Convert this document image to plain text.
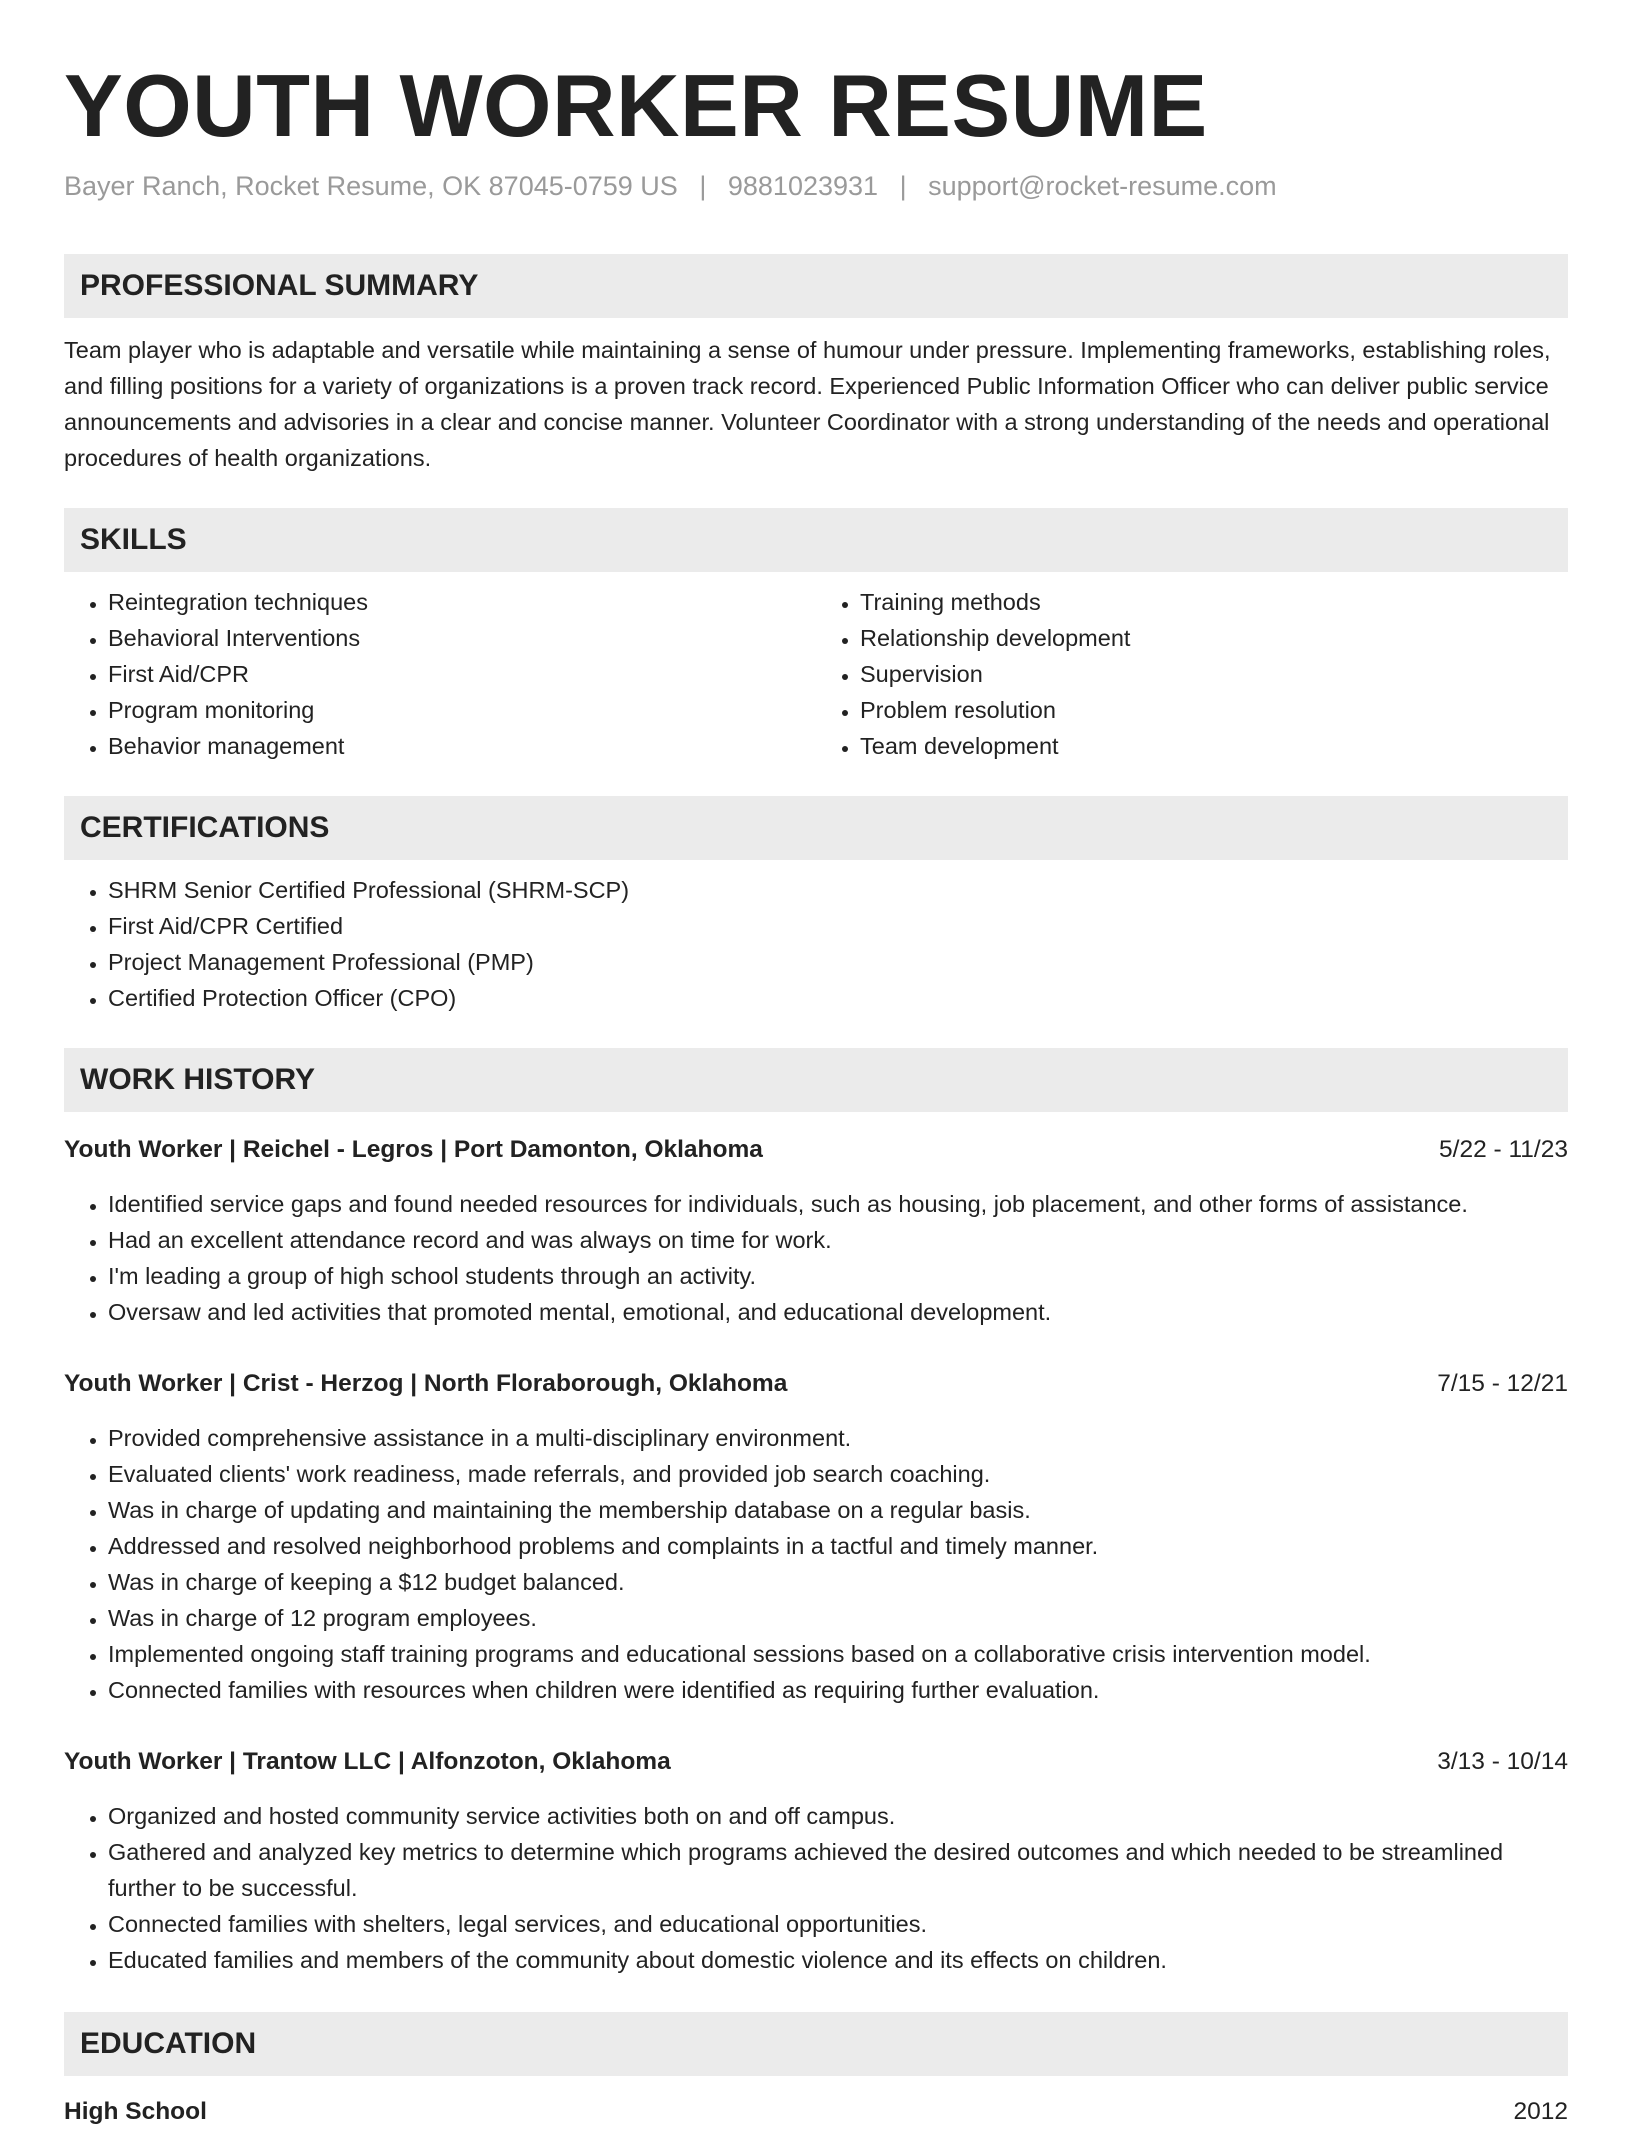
YOUTH WORKER RESUME
Bayer Ranch, Rocket Resume, OK 87045-0759 US | 9881023931 | support@rocket-resume.com
PROFESSIONAL SUMMARY

Team player who is adaptable and versatile while maintaining a sense of humour under pressure. Implementing frameworks, establishing roles, and filling positions for a variety of organizations is a proven track record. Experienced Public Information Officer who can deliver public service announcements and advisories in a clear and concise manner. Volunteer Coordinator with a strong understanding of the needs and operational procedures of health organizations.

SKILLS
• Reintegration techniques
• Behavioral Interventions
• First Aid/CPR
• Program monitoring
• Behavior management
• Training methods
• Relationship development
• Supervision
• Problem resolution
• Team development
CERTIFICATIONS
• SHRM Senior Certified Professional (SHRM-SCP)
• First Aid/CPR Certified
• Project Management Professional (PMP)
• Certified Protection Officer (CPO)
WORK HISTORY
Youth Worker | Reichel - Legros | Port Damonton, Oklahoma	5/22 - 11/23
• Identified service gaps and found needed resources for individuals, such as housing, job placement, and other forms of assistance.
• Had an excellent attendance record and was always on time for work.
• I'm leading a group of high school students through an activity.
• Oversaw and led activities that promoted mental, emotional, and educational development.
Youth Worker | Crist - Herzog | North Floraborough, Oklahoma	7/15 - 12/21
• Provided comprehensive assistance in a multi-disciplinary environment.
• Evaluated clients' work readiness, made referrals, and provided job search coaching.
• Was in charge of updating and maintaining the membership database on a regular basis.
• Addressed and resolved neighborhood problems and complaints in a tactful and timely manner.
• Was in charge of keeping a $12 budget balanced.
• Was in charge of 12 program employees.
• Implemented ongoing staff training programs and educational sessions based on a collaborative crisis intervention model.
• Connected families with resources when children were identified as requiring further evaluation.
Youth Worker | Trantow LLC | Alfonzoton, Oklahoma	3/13 - 10/14
• Organized and hosted community service activities both on and off campus.
• Gathered and analyzed key metrics to determine which programs achieved the desired outcomes and which needed to be streamlined further to be successful.
• Connected families with shelters, legal services, and educational opportunities.
• Educated families and members of the community about domestic violence and its effects on children.
EDUCATION
High School	2012
